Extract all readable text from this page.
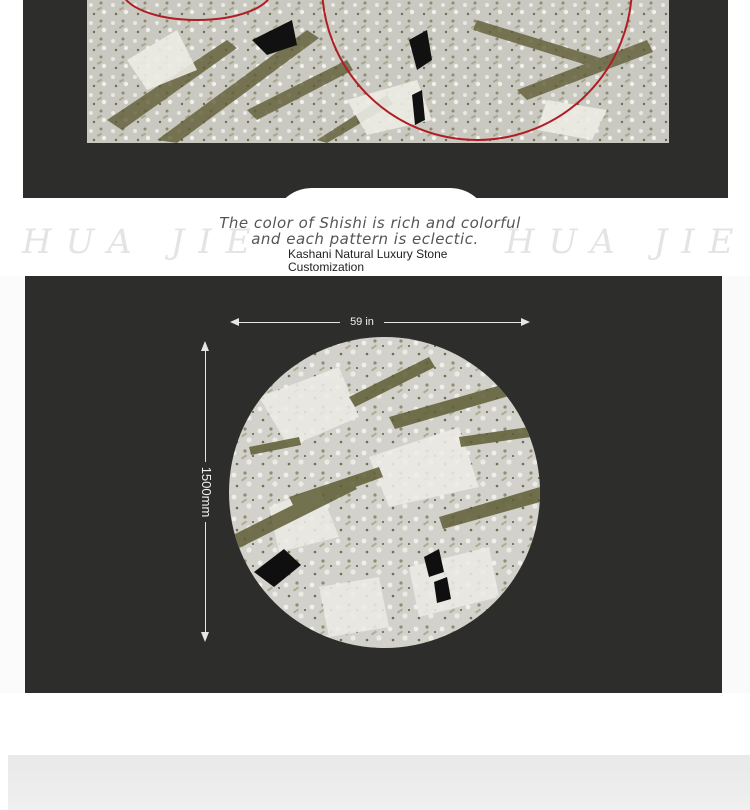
HUA JIE	HUA JIE
The color of Shishi is rich and colorful
and each pattern is eclectic.
Kashani Natural Luxury Stone
Customization
59 in
1500mm
